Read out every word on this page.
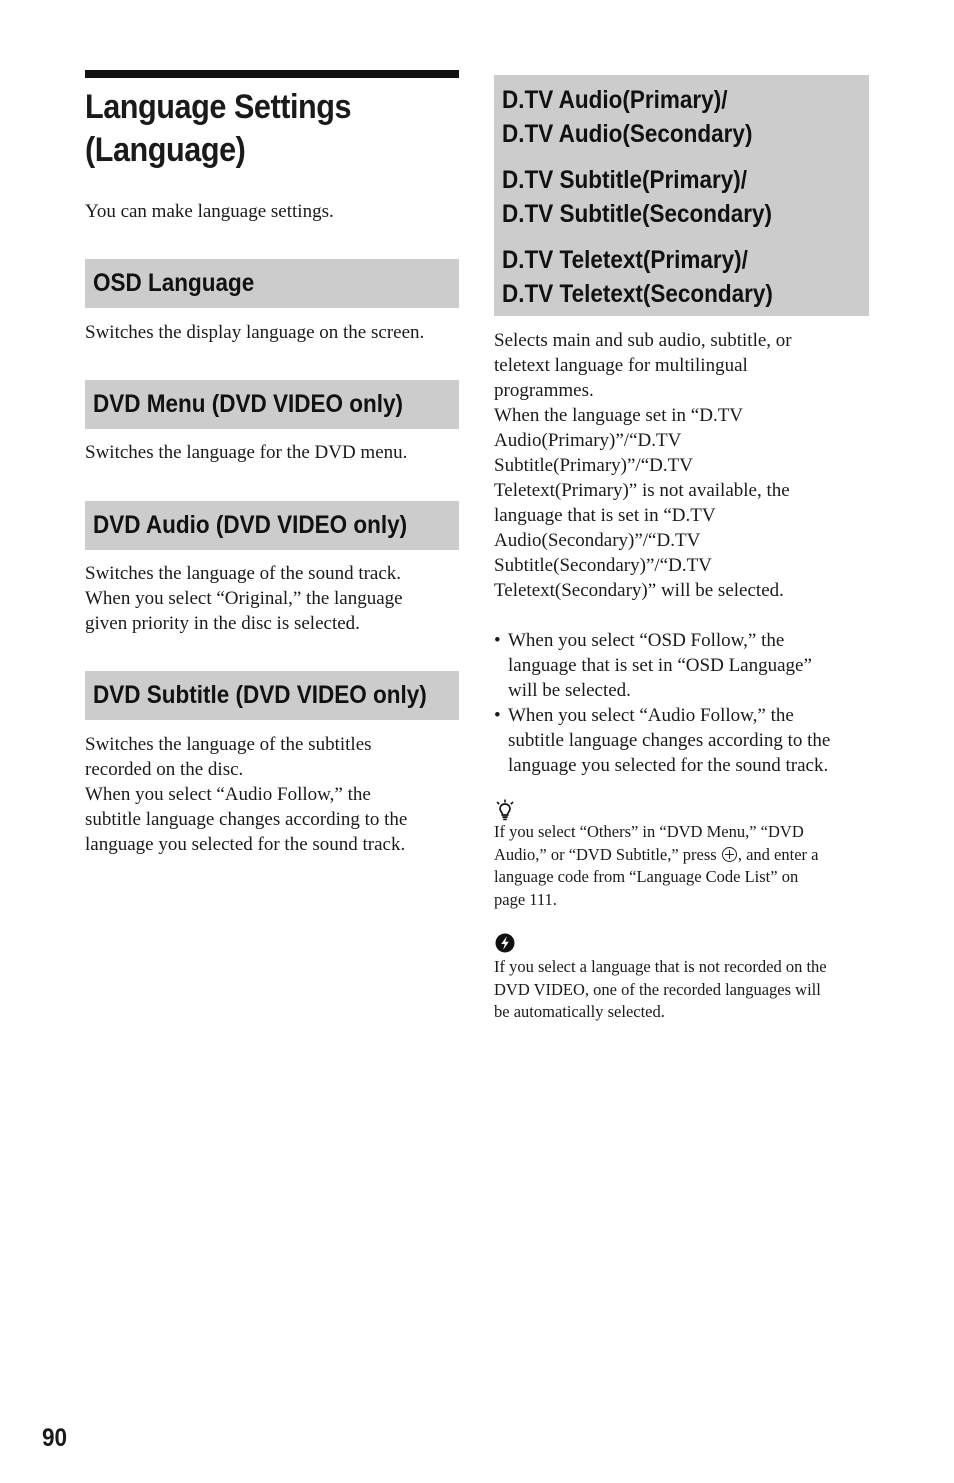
Language Settings
(Language)

You can make language settings.

OSD Language

Switches the display language on the screen.

DVD Menu (DVD VIDEO only)

Switches the language for the DVD menu.

DVD Audio (DVD VIDEO only)

Switches the language of the sound track.
When you select “Original,” the language
given priority in the disc is selected.

DVD Subtitle (DVD VIDEO only)

Switches the language of the subtitles
recorded on the disc.
When you select “Audio Follow,” the
subtitle language changes according to the
language you selected for the sound track.

D.TV Audio(Primary)/
D.TV Audio(Secondary)
D.TV Subtitle(Primary)/
D.TV Subtitle(Secondary)
D.TV Teletext(Primary)/
D.TV Teletext(Secondary)

Selects main and sub audio, subtitle, or
teletext language for multilingual
programmes.
When the language set in “D.TV
Audio(Primary)”/“D.TV
Subtitle(Primary)”/“D.TV
Teletext(Primary)” is not available, the
language that is set in “D.TV
Audio(Secondary)”/“D.TV
Subtitle(Secondary)”/“D.TV
Teletext(Secondary)” will be selected.

• When you select “OSD Follow,” the
language that is set in “OSD Language”
will be selected.
• When you select “Audio Follow,” the
subtitle language changes according to the
language you selected for the sound track.

If you select “Others” in “DVD Menu,” “DVD
Audio,” or “DVD Subtitle,” press , and enter a
language code from “Language Code List” on
page 111.

If you select a language that is not recorded on the
DVD VIDEO, one of the recorded languages will
be automatically selected.

90
